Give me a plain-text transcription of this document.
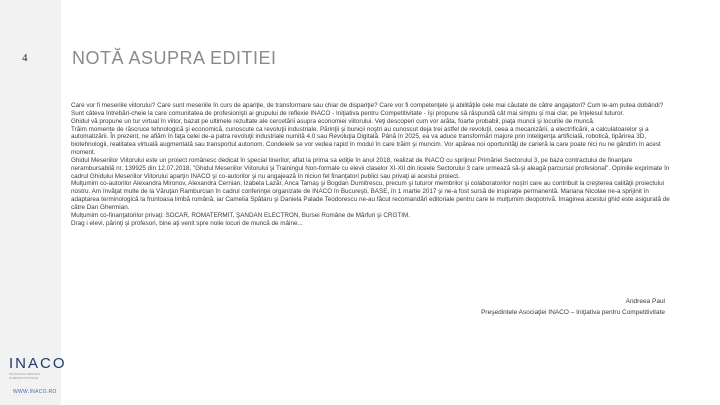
4
INACO
INIŢIATIVA PENTRU COMPETITIVITATE
WWW.INACO.RO
NOTĂ ASUPRA EDITIEI

Care vor fi meseriile viitorului? Care sunt meseriile în curs de apariţie, de transformare sau chiar de dispariţie? Care vor fi competenţele şi abilităţile cele mai căutate de către angajatori? Cum le-am putea dobândi? Sunt câteva întrebări-cheie la care comunitatea de profesionişti ai grupului de reflexie INACO - Iniţiativa pentru Competitivitate - îşi propune să răspundă cât mai simplu şi mai clar, pe înţelesul tuturor.

Ghidul vă propune un tur virtual în viitor, bazat pe ultimele rezultate ale cercetării asupra economiei viitorului. Veţi descoperi cum vor arăta, foarte probabil, piaţa muncii şi locurile de muncă.

Trăim momente de răscruce tehnologică şi economică, cunoscute ca revoluţii industriale. Părinţii şi bunicii noştri au cunoscut deja trei astfel de revoluţii, ceea a mecanizării, a electrificării, a calculatoarelor şi a automatizării. În prezent, ne aflăm în faţa celei de-a patra revoluţii industriale numită 4.0 sau Revoluţia Digitală. Până în 2025, ea va aduce transformări majore prin inteligenţa artificială, robotică, tipărirea 3D, biotehnologii, realitatea virtuală augmentată sau transportul autonom. Condeiele se vor vedea rapid în modul în care trăim şi muncim. Vor apărea noi oportunităţi de carieră la care poate nici nu ne gândim în acest moment.

Ghidul Meseriilor Viitorului este un proiect românesc dedicat în special tinerilor, aflat la prima sa ediţie în anul 2018, realizat de INACO cu sprijinul Primăriei Sectorului 3, pe baza contractului de finanţare nerambursabilă nr. 139925 din 12.07.2018, "Ghidul Meseriilor Viitorului şi Trainingul Non-formale cu elevii claselor XI-XII din liceele Sectorului 3 care urmează să-şi aleagă parcursul profesional". Opiniile exprimate în cadrul Ghidului Meseriilor Viitorului aparţin INACO şi co-autorilor şi nu angajează în niciun fel finanţatori publici sau privaţi ai acestui proiect.

Mulţumim co-autorilor Alexandra Mironov, Alexandra Cernian, Izabela Lazăr, Anca Tamaş şi Bogdan Dumitrescu, precum şi tuturor membrilor şi colaboratorilor noştri care au contribuit la creşterea calităţii proiectului nostru. Am învăţat multe de la Văruţan Ramburcian în cadrul conferinţei organizate de INACO în Bucureşti, BASE, în 1 martie 2017 şi ne-a fost sursă de inspiraţie permanentă. Mariana Nicolae ne-a sprijinit în adaptarea terminologică la fruntoasa limbă română, iar Camelia Spătaru şi Daniela Palade Teodorescu ne-au făcut recomandări editoriale pentru care le mulţumim deopotrivă. Imaginea acestui ghid este asigurată de către Dan Ghermian.

Mulţumim co-finanţatorilor privaţi: SOCAR, ROMATERMIT, ŞANDAN ELECTRON, Bursei Române de Mărfuri şi CRGTIM.

Drag i elevi, părinţi şi profesori, bine aţi venit spre noile locuri de muncă de mâine...

Andreea Paul
Preşedintele Asociaţiei INACO – Iniţiativa pentru Competitivitate
